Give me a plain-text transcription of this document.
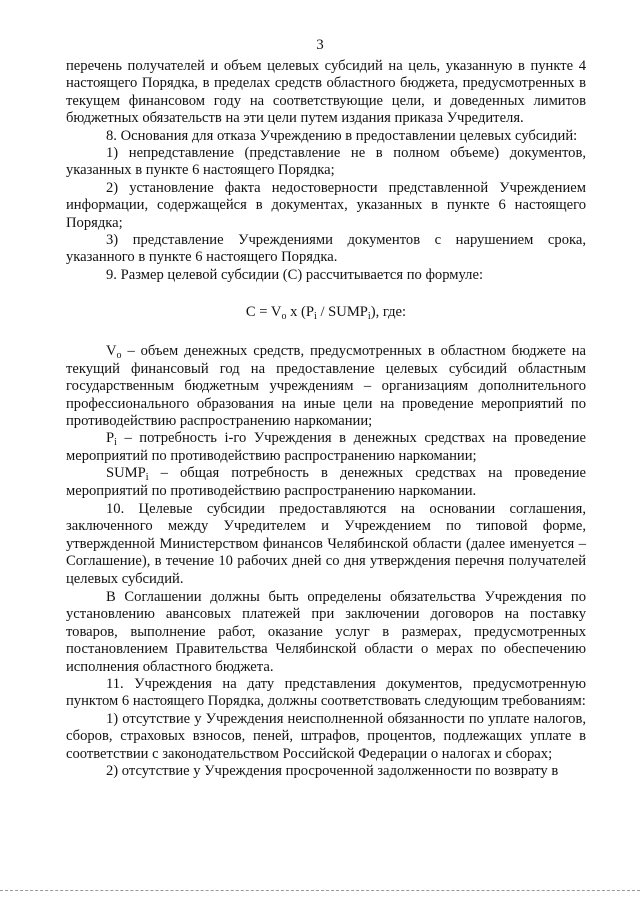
3

перечень получателей и объем целевых субсидий на цель, указанную в пункте 4 настоящего Порядка, в пределах средств областного бюджета, предусмотренных в текущем финансовом году на соответствующие цели, и доведенных лимитов бюджетных обязательств на эти цели путем издания приказа Учредителя.

8. Основания для отказа Учреждению в предоставлении целевых субсидий:

1) непредставление (представление не в полном объеме) документов, указанных в пункте 6 настоящего Порядка;

2) установление факта недостоверности представленной Учреждением информации, содержащейся в документах, указанных в пункте 6 настоящего Порядка;

3) представление Учреждениями документов с нарушением срока, указанного в пункте 6 настоящего Порядка.

9. Размер целевой субсидии (С) рассчитывается по формуле:

$C = V_o$ x ($P_i$ / $SUMP_i$), где:

$V_o$ – объем денежных средств, предусмотренных в областном бюджете на текущий финансовый год на предоставление целевых субсидий областным государственным бюджетным учреждениям – организациям дополнительного профессионального образования на иные цели на проведение мероприятий по противодействию распространению наркомании;

$P_i$ – потребность i-го Учреждения в денежных средствах на проведение мероприятий по противодействию распространению наркомании;

$SUMP_i$ – общая потребность в денежных средствах на проведение мероприятий по противодействию распространению наркомании.

10. Целевые субсидии предоставляются на основании соглашения, заключенного между Учредителем и Учреждением по типовой форме, утвержденной Министерством финансов Челябинской области (далее именуется – Соглашение), в течение 10 рабочих дней со дня утверждения перечня получателей целевых субсидий.

В Соглашении должны быть определены обязательства Учреждения по установлению авансовых платежей при заключении договоров на поставку товаров, выполнение работ, оказание услуг в размерах, предусмотренных постановлением Правительства Челябинской области о мерах по обеспечению исполнения областного бюджета.

11. Учреждения на дату представления документов, предусмотренную пунктом 6 настоящего Порядка, должны соответствовать следующим требованиям:

1) отсутствие у Учреждения неисполненной обязанности по уплате налогов, сборов, страховых взносов, пеней, штрафов, процентов, подлежащих уплате в соответствии с законодательством Российской Федерации о налогах и сборах;

2) отсутствие у Учреждения просроченной задолженности по возврату в
